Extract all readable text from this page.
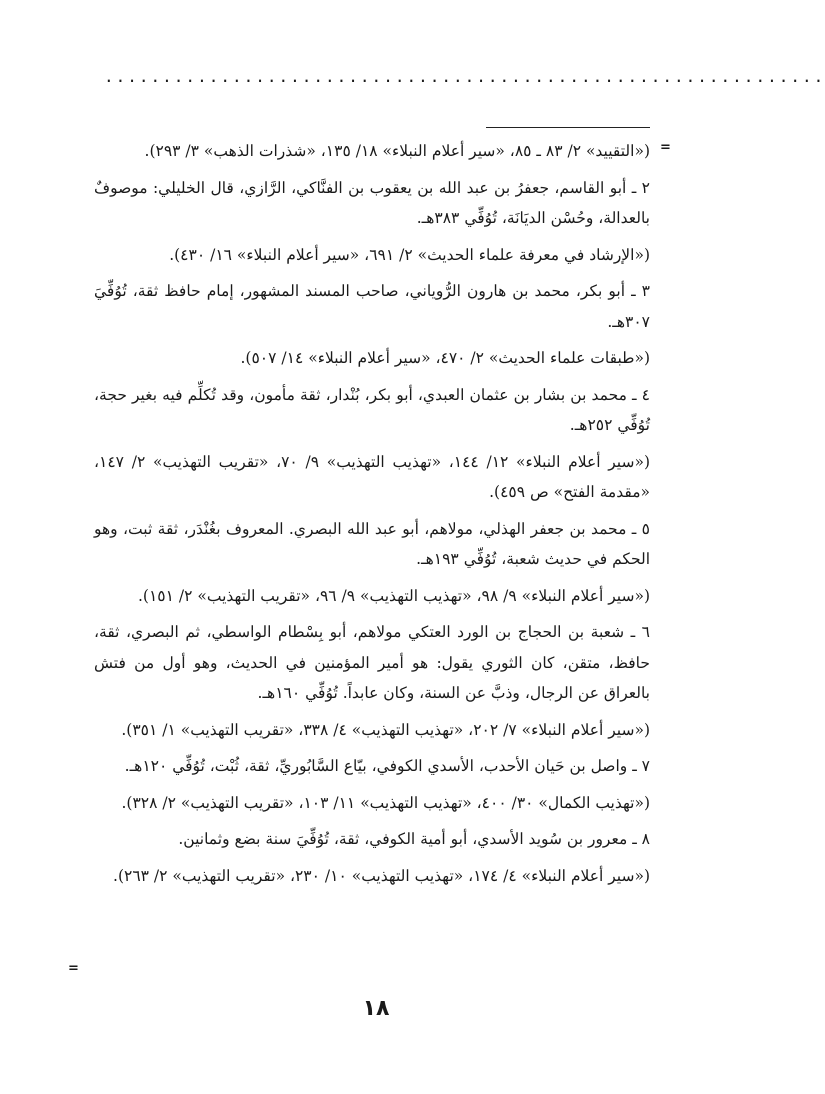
..............................................................
=

(«التقييد» ٢/ ٨٣ ـ ٨٥، «سير أعلام النبلاء» ١٨/ ١٣٥، «شذرات الذهب» ٣/ ٢٩٣).

٢ ـ أبو القاسم، جعفرُ بن عبد الله بن يعقوب بن الفنَّاكي، الرَّازي، قال الخليلي: موصوفٌ بالعدالة، وحُسْن الديَانَة، تُوُفِّي ٣٨٣هـ.

(«الإرشاد في معرفة علماء الحديث» ٢/ ٦٩١، «سير أعلام النبلاء» ١٦/ ٤٣٠).

٣ ـ أبو بكر، محمد بن هارون الرُّوياني، صاحب المسند المشهور، إمام حافظ ثقة، تُوُفِّيَ ٣٠٧هـ.

(«طبقات علماء الحديث» ٢/ ٤٧٠، «سير أعلام النبلاء» ١٤/ ٥٠٧).

٤ ـ محمد بن بشار بن عثمان العبدي، أبو بكر، بُنْدار، ثقة مأمون، وقد تُكلِّم فيه بغير حجة، تُوُفِّي ٢٥٢هـ.

(«سير أعلام النبلاء» ١٢/ ١٤٤، «تهذيب التهذيب» ٩/ ٧٠، «تقريب التهذيب» ٢/ ١٤٧، «مقدمة الفتح» ص ٤٥٩).

٥ ـ محمد بن جعفر الهذلي، مولاهم، أبو عبد الله البصري. المعروف بغُنْدَر، ثقة ثبت، وهو الحكم في حديث شعبة، تُوُفِّي ١٩٣هـ.

(«سير أعلام النبلاء» ٩/ ٩٨، «تهذيب التهذيب» ٩/ ٩٦، «تقريب التهذيب» ٢/ ١٥١).

٦ ـ شعبة بن الحجاج بن الورد العتكي مولاهم، أبو بِسْطام الواسطي، ثم البصري، ثقة، حافظ، متقن، كان الثوري يقول: هو أمير المؤمنين في الحديث، وهو أول من فتش بالعراق عن الرجال، وذبَّ عن السنة، وكان عابداً. تُوُفِّي ١٦٠هـ.

(«سير أعلام النبلاء» ٧/ ٢٠٢، «تهذيب التهذيب» ٤/ ٣٣٨، «تقريب التهذيب» ١/ ٣٥١).

٧ ـ واصل بن حَيان الأحدب، الأسدي الكوفي، بيّاع السَّابُوريِّ، ثقة، ثُبْت، تُوُفِّي ١٢٠هـ.

(«تهذيب الكمال» ٣٠/ ٤٠٠، «تهذيب التهذيب» ١١/ ١٠٣، «تقريب التهذيب» ٢/ ٣٢٨).

٨ ـ معرور بن سُويد الأسدي، أبو أمية الكوفي، ثقة، تُوُفِّيَ سنة بضع وثمانين.

(«سير أعلام النبلاء» ٤/ ١٧٤، «تهذيب التهذيب» ١٠/ ٢٣٠، «تقريب التهذيب» ٢/ ٢٦٣).

=
١٨
